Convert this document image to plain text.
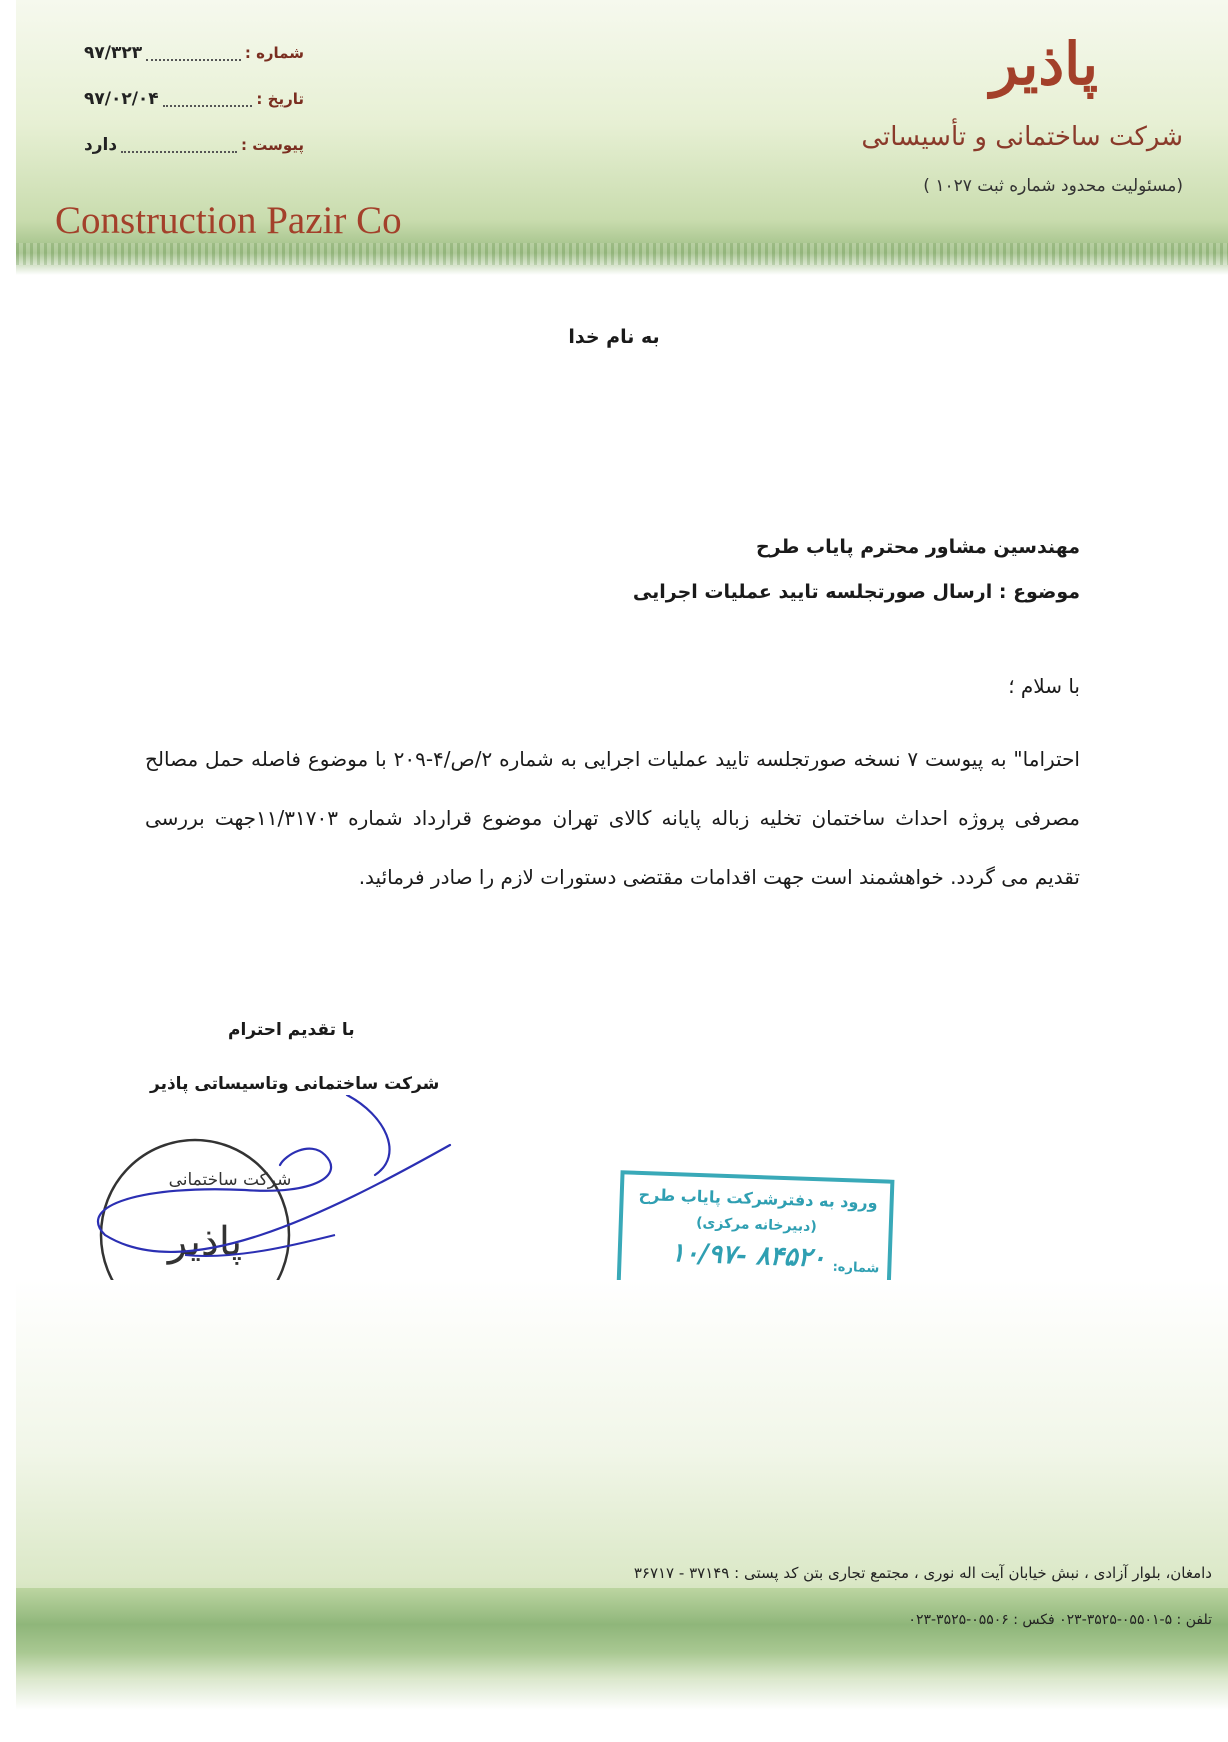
پاذیر
شرکت ساختمانی و تأسیساتی
(مسئولیت محدود شماره ثبت ۱۰۲۷ )
Construction Pazir Co
شماره :
۹۷/۳۲۳
تاریخ :
۹۷/۰۲/۰۴
پیوست :
دارد
به نام خدا
مهندسین مشاور محترم پایاب طرح
موضوع : ارسال صورتجلسه تایید عملیات اجرایی
با سلام ؛
احتراما" به پیوست ۷ نسخه صورتجلسه تایید عملیات اجرایی به شماره ۲/ص/۴-۲۰۹ با موضوع فاصله حمل مصالح مصرفی پروژه احداث ساختمان تخلیه زباله پایانه کالای تهران موضوع قرارداد شماره ۱۱/۳۱۷۰۳جهت بررسی تقدیم می گردد. خواهشمند است جهت اقدامات مقتضی دستورات لازم را صادر فرمائید.
با تقدیم احترام
شرکت ساختمانی وتاسیساتی پاذیر
شرکت ساختمانی
پاذیر
ورود به دفترشرکت پایاب طرح
(دبیرخانه مرکزی)
شماره:
۱۰/۹۷- ۸۴۵۲۰
دامغان، بلوار آزادی ، نبش خیابان آیت اله نوری ، مجتمع تجاری بتن کد پستی : ۳۷۱۴۹ - ۳۶۷۱۷
تلفن : ۵-۰۵۵۰۱-۳۵۲۵-۰۲۳ فکس : ۰۵۵۰۶-۳۵۲۵-۰۲۳
